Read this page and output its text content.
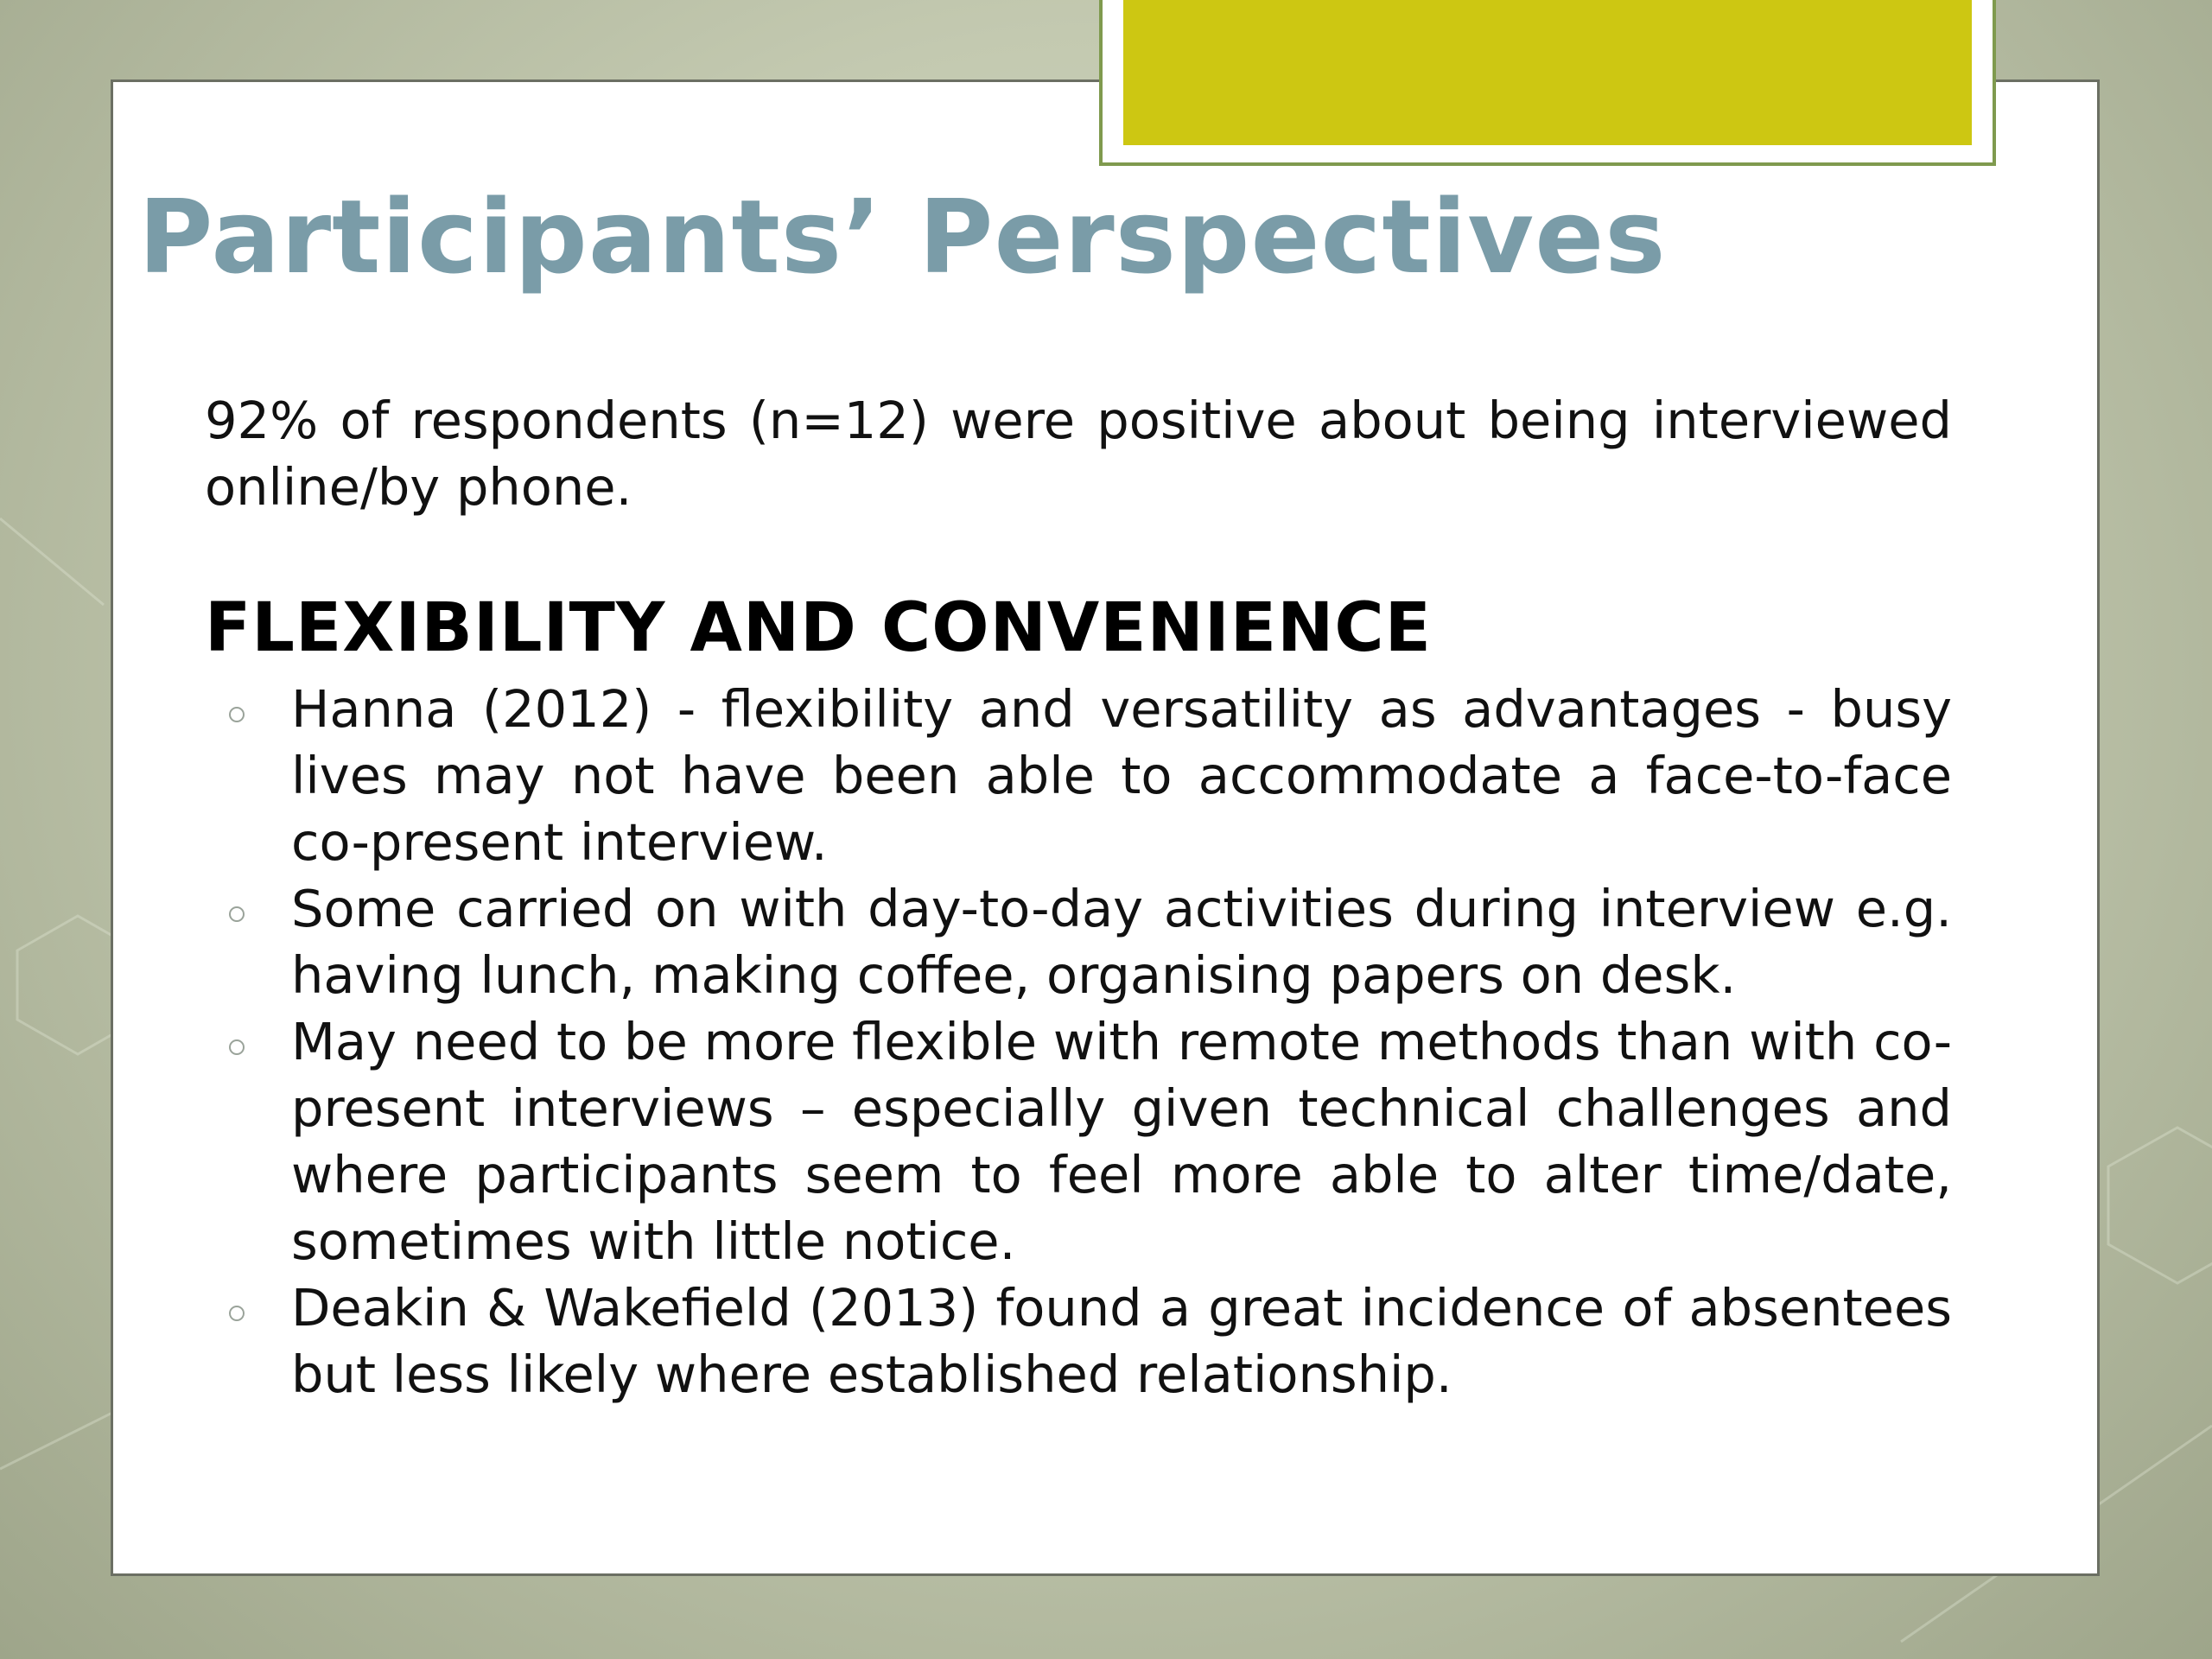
Participants’ Perspectives

92% of respondents (n=12) were positive about being interviewed online/by phone.

FLEXIBILITY AND CONVENIENCE
Hanna (2012) - flexibility and versatility as advantages - busy lives may not have been able to accommodate a face-to-face co-present interview.
Some carried on with day-to-day activities during interview e.g. having lunch, making coffee, organising papers on desk.
May need to be more flexible with remote methods than with co-present interviews – especially given technical challenges and where participants seem to feel more able to alter time/date, sometimes with little notice.
Deakin & Wakefield (2013) found a great incidence of absentees but less likely where established relationship.
